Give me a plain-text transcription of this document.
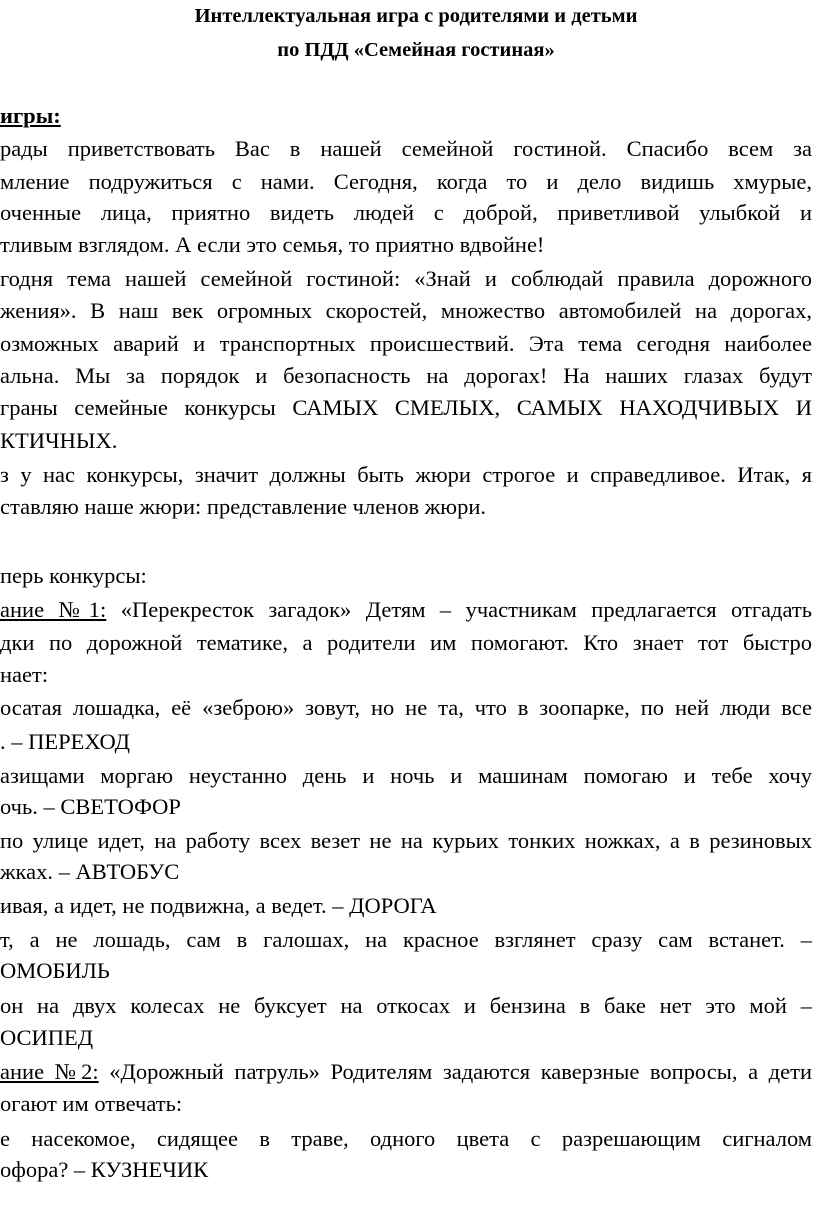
Интеллектуальная игра с родителями и детьми

по ПДД «Семейная гостиная»

игры:

рады приветствовать Вас в нашей семейной гостиной. Спасибо всем за

мление подружиться с нами. Сегодня, когда то и дело видишь хмурые,

оченные лица, приятно видеть людей с доброй, приветливой улыбкой и

тливым взглядом. А если это семья, то приятно вдвойне!

годня тема нашей семейной гостиной: «Знай и соблюдай правила дорожного

жения». В наш век огромных скоростей, множество автомобилей на дорогах,

озможных аварий и транспортных происшествий. Эта тема сегодня наиболее

альна. Мы за порядок и безопасность на дорогах! На наших глазах будут

граны семейные конкурсы САМЫХ СМЕЛЫХ, САМЫХ НАХОДЧИВЫХ И

КТИЧНЫХ.

з у нас конкурсы, значит должны быть жюри строгое и справедливое. Итак, я

ставляю наше жюри: представление членов жюри.

перь конкурсы:

ание №1: «Перекресток загадок» Детям – участникам предлагается отгадать

дки по дорожной тематике, а родители им помогают. Кто знает тот быстро

нает:

осатая лошадка, её «зеброю» зовут, но не та, что в зоопарке, по ней люди все

. – ПЕРЕХОД

азищами моргаю неустанно день и ночь и машинам помогаю и тебе хочу

очь. – СВЕТОФОР

по улице идет, на работу всех везет не на курьих тонких ножках, а в резиновых

жках. – АВТОБУС

ивая, а идет, не подвижна, а ведет. – ДОРОГА

т, а не лошадь, сам в галошах, на красное взглянет сразу сам встанет. –

ОМОБИЛЬ

он на двух колесах не буксует на откосах и бензина в баке нет это мой –

ОСИПЕД

ание №2: «Дорожный патруль» Родителям задаются каверзные вопросы, а дети

огают им отвечать:

е насекомое, сидящее в траве, одного цвета с разрешающим сигналом

офора? – КУЗНЕЧИК
